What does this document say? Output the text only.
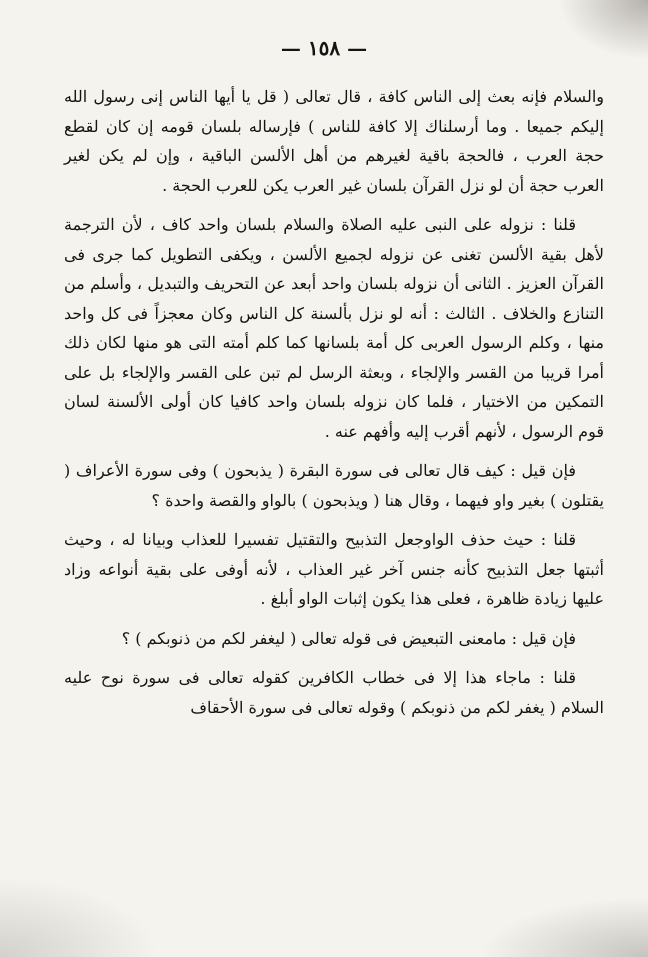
— ١٥٨ —

والسلام فإنه بعث إلى الناس كافة ، قال تعالى ( قل يا أيها الناس إنى رسول الله إليكم جميعا . وما أرسلناك إلا كافة للناس ) فإرساله بلسان قومه إن كان لقطع حجة العرب ، فالحجة باقية لغيرهم من أهل الألسن الباقية ، وإن لم يكن لغير العرب حجة أن لو نزل القرآن بلسان غير العرب يكن للعرب الحجة .

قلنا : نزوله على النبى عليه الصلاة والسلام بلسان واحد كاف ، لأن الترجمة لأهل بقية الألسن تغنى عن نزوله لجميع الألسن ، ويكفى التطويل كما جرى فى القرآن العزيز . الثانى أن نزوله بلسان واحد أبعد عن التحريف والتبديل ، وأسلم من التنازع والخلاف . الثالث : أنه لو نزل بألسنة كل الناس وكان معجزاً فى كل واحد منها ، وكلم الرسول العربى كل أمة بلسانها كما كلم أمته التى هو منها لكان ذلك أمرا قريبا من القسر والإلجاء ، وبعثة الرسل لم تبن على القسر والإلجاء بل على التمكين من الاختيار ، فلما كان نزوله بلسان واحد كافيا كان أولى الألسنة لسان قوم الرسول ، لأنهم أقرب إليه وأفهم عنه .

فإن قيل : كيف قال تعالى فى سورة البقرة ( يذبحون ) وفى سورة الأعراف ( يقتلون ) بغير واو فيهما ، وقال هنا ( ويذبحون ) بالواو والقصة واحدة ؟

قلنا : حيث حذف الواوجعل التذبيح والتقتيل تفسيرا للعذاب وبيانا له ، وحيث أثبتها جعل التذبيح كأنه جنس آخر غير العذاب ، لأنه أوفى على بقية أنواعه وزاد عليها زيادة ظاهرة ، فعلى هذا يكون إثبات الواو أبلغ .

فإن قيل : مامعنى التبعيض فى قوله تعالى ( ليغفر لكم من ذنوبكم ) ؟

قلنا : ماجاء هذا إلا فى خطاب الكافرين كقوله تعالى فى سورة نوح عليه السلام ( يغفر لكم من ذنوبكم ) وقوله تعالى فى سورة الأحقاف
